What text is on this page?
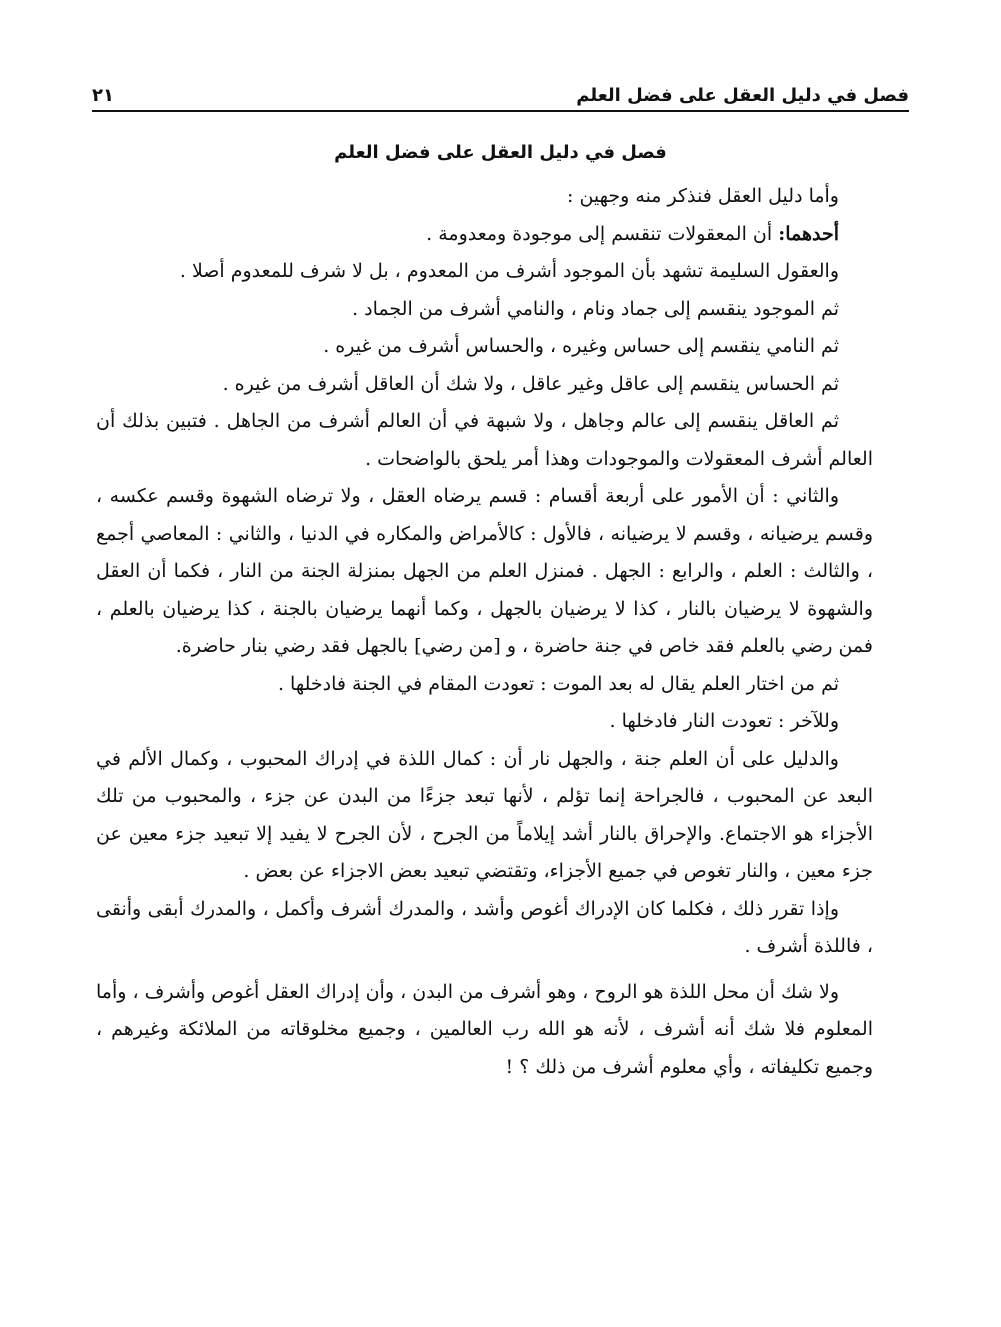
فصل في دليل العقل على فضل العلم
٢١
فصل في دليل العقل على فضل العلم

وأما دليل العقل فنذكر منه وجهين :

أحدهما: أن المعقولات تنقسم إلى موجودة ومعدومة .

والعقول السليمة تشهد بأن الموجود أشرف من المعدوم ، بل لا شرف للمعدوم أصلا .

ثم الموجود ينقسم إلى جماد ونام ، والنامي أشرف من الجماد .

ثم النامي ينقسم إلى حساس وغيره ، والحساس أشرف من غيره .

ثم الحساس ينقسم إلى عاقل وغير عاقل ، ولا شك أن العاقل أشرف من غيره .

ثم العاقل ينقسم إلى عالم وجاهل ، ولا شبهة في أن العالم أشرف من الجاهل . فتبين بذلك أن العالم أشرف المعقولات والموجودات وهذا أمر يلحق بالواضحات .

والثاني : أن الأمور على أربعة أقسام : قسم يرضاه العقل ، ولا ترضاه الشهوة وقسم عكسه ، وقسم يرضيانه ، وقسم لا يرضيانه ، فالأول : كالأمراض والمكاره في الدنيا ، والثاني : المعاصي أجمع ، والثالث : العلم ، والرابع : الجهل . فمنزل العلم من الجهل بمنزلة الجنة من النار ، فكما أن العقل والشهوة لا يرضيان بالنار ، كذا لا يرضيان بالجهل ، وكما أنهما يرضيان بالجنة ، كذا يرضيان بالعلم ، فمن رضي بالعلم فقد خاص في جنة حاضرة ، و [من رضي] بالجهل فقد رضي بنار حاضرة.

ثم من اختار العلم يقال له بعد الموت : تعودت المقام في الجنة فادخلها .

وللآخر : تعودت النار فادخلها .

والدليل على أن العلم جنة ، والجهل نار أن : كمال اللذة في إدراك المحبوب ، وكمال الألم في البعد عن المحبوب ، فالجراحة إنما تؤلم ، لأنها تبعد جزءًا من البدن عن جزء ، والمحبوب من تلك الأجزاء هو الاجتماع. والإحراق بالنار أشد إيلاماً من الجرح ، لأن الجرح لا يفيد إلا تبعيد جزء معين عن جزء معين ، والنار تغوص في جميع الأجزاء، وتقتضي تبعيد بعض الاجزاء عن بعض .

وإذا تقرر ذلك ، فكلما كان الإدراك أغوص وأشد ، والمدرك أشرف وأكمل ، والمدرك أبقى وأنقى ، فاللذة أشرف .

ولا شك أن محل اللذة هو الروح ، وهو أشرف من البدن ، وأن إدراك العقل أغوص وأشرف ، وأما المعلوم فلا شك أنه أشرف ، لأنه هو الله رب العالمين ، وجميع مخلوقاته من الملائكة وغيرهم ، وجميع تكليفاته ، وأي معلوم أشرف من ذلك ؟ !
